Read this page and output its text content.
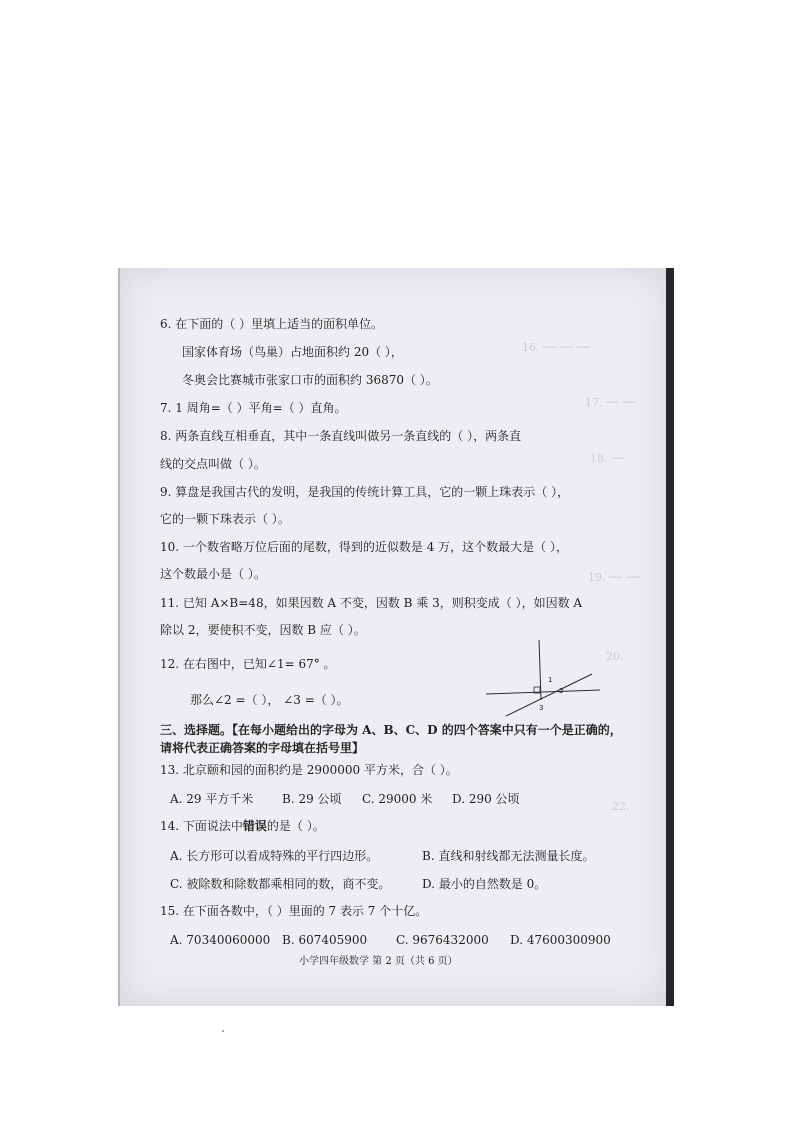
16. ── ── ──
17. ── ──
18. ──
19. ── ──
20.
22.
6. 在下面的（ ）里填上适当的面积单位。
国家体育场（鸟巢）占地面积约 20（ ），
冬奥会比赛城市张家口市的面积约 36870（ ）。
7. 1 周角=（ ）平角=（ ）直角。
8. 两条直线互相垂直，其中一条直线叫做另一条直线的（ ），两条直
线的交点叫做（ ）。
9. 算盘是我国古代的发明，是我国的传统计算工具，它的一颗上珠表示（ ），
它的一颗下珠表示（ ）。
10. 一个数省略万位后面的尾数，得到的近似数是 4 万，这个数最大是（ ），
这个数最小是（ ）。
11. 已知 A×B=48，如果因数 A 不变，因数 B 乘 3，则积变成（ ），如因数 A
除以 2，要使积不变，因数 B 应（ ）。
12. 在右图中，已知∠1= 67° 。
那么∠2 =（ ）， ∠3 =（ ）。
1
2
3
三、选择题。【在每小题给出的字母为 A、B、C、D 的四个答案中只有一个是正确的，
请将代表正确答案的字母填在括号里】
13. 北京颐和园的面积约是 2900000 平方米，合（ ）。
A. 29 平方千米 B. 29 公顷 C. 29000 米 D. 290 公顷
14. 下面说法中错误的是（ ）。
A. 长方形可以看成特殊的平行四边形。	B. 直线和射线都无法测量长度。
C. 被除数和除数都乘相同的数，商不变。	D. 最小的自然数是 0。
15. 在下面各数中，（ ）里面的 7 表示 7 个十亿。
A. 70340060000 B. 607405900 C. 9676432000 D. 47600300900
小学四年级数学 第 2 页（共 6 页）
